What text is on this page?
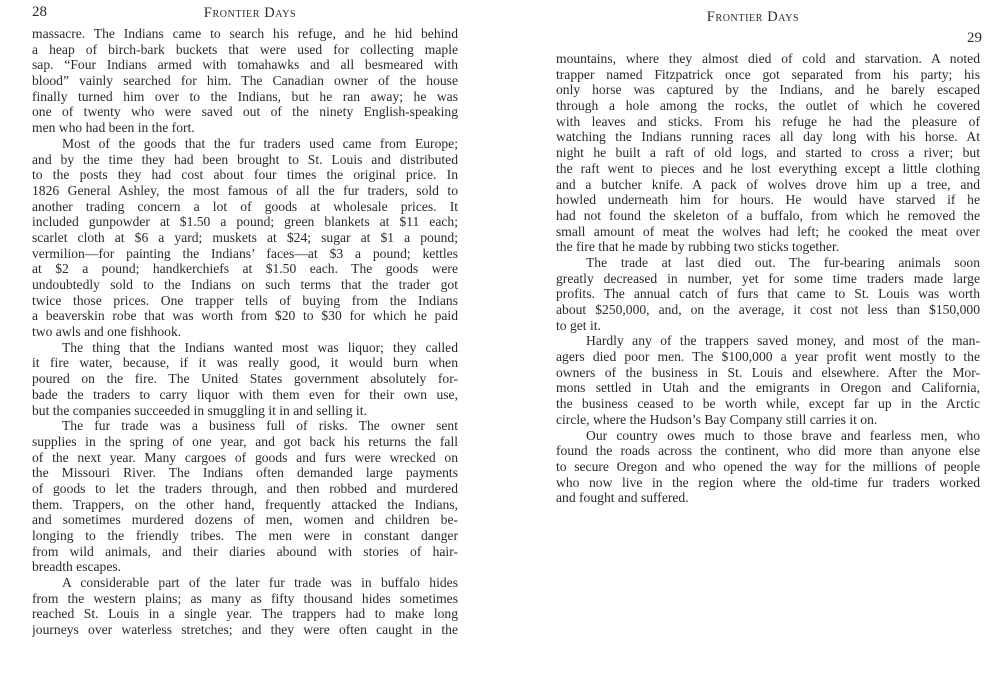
28	Frontier Days
massacre. The Indians came to search his refuge, and he hid behind
a heap of birch-bark buckets that were used for collecting maple
sap. “Four Indians armed with tomahawks and all besmeared with
blood” vainly searched for him. The Canadian owner of the house
finally turned him over to the Indians, but he ran away; he was
one of twenty who were saved out of the ninety English-speaking
men who had been in the fort.
Most of the goods that the fur traders used came from Europe;
and by the time they had been brought to St. Louis and distributed
to the posts they had cost about four times the original price. In
1826 General Ashley, the most famous of all the fur traders, sold to
another trading concern a lot of goods at wholesale prices. It
included gunpowder at $1.50 a pound; green blankets at $11 each;
scarlet cloth at $6 a yard; muskets at $24; sugar at $1 a pound;
vermilion—for painting the Indians’ faces—at $3 a pound; kettles
at $2 a pound; handkerchiefs at $1.50 each. The goods were
undoubtedly sold to the Indians on such terms that the trader got
twice those prices. One trapper tells of buying from the Indians
a beaverskin robe that was worth from $20 to $30 for which he paid
two awls and one fishhook.
The thing that the Indians wanted most was liquor; they called
it fire water, because, if it was really good, it would burn when
poured on the fire. The United States government absolutely for-
bade the traders to carry liquor with them even for their own use,
but the companies succeeded in smuggling it in and selling it.
The fur trade was a business full of risks. The owner sent
supplies in the spring of one year, and got back his returns the fall
of the next year. Many cargoes of goods and furs were wrecked on
the Missouri River. The Indians often demanded large payments
of goods to let the traders through, and then robbed and murdered
them. Trappers, on the other hand, frequently attacked the Indians,
and sometimes murdered dozens of men, women and children be-
longing to the friendly tribes. The men were in constant danger
from wild animals, and their diaries abound with stories of hair-
breadth escapes.
A considerable part of the later fur trade was in buffalo hides
from the western plains; as many as fifty thousand hides sometimes
reached St. Louis in a single year. The trappers had to make long
journeys over waterless stretches; and they were often caught in the
29
Frontier Days
mountains, where they almost died of cold and starvation. A noted
trapper named Fitzpatrick once got separated from his party; his
only horse was captured by the Indians, and he barely escaped
through a hole among the rocks, the outlet of which he covered
with leaves and sticks. From his refuge he had the pleasure of
watching the Indians running races all day long with his horse. At
night he built a raft of old logs, and started to cross a river; but
the raft went to pieces and he lost everything except a little clothing
and a butcher knife. A pack of wolves drove him up a tree, and
howled underneath him for hours. He would have starved if he
had not found the skeleton of a buffalo, from which he removed the
small amount of meat the wolves had left; he cooked the meat over
the fire that he made by rubbing two sticks together.
The trade at last died out. The fur-bearing animals soon
greatly decreased in number, yet for some time traders made large
profits. The annual catch of furs that came to St. Louis was worth
about $250,000, and, on the average, it cost not less than $150,000
to get it.
Hardly any of the trappers saved money, and most of the man-
agers died poor men. The $100,000 a year profit went mostly to the
owners of the business in St. Louis and elsewhere. After the Mor-
mons settled in Utah and the emigrants in Oregon and California,
the business ceased to be worth while, except far up in the Arctic
circle, where the Hudson’s Bay Company still carries it on.
Our country owes much to those brave and fearless men, who
found the roads across the continent, who did more than anyone else
to secure Oregon and who opened the way for the millions of people
who now live in the region where the old-time fur traders worked
and fought and suffered.
